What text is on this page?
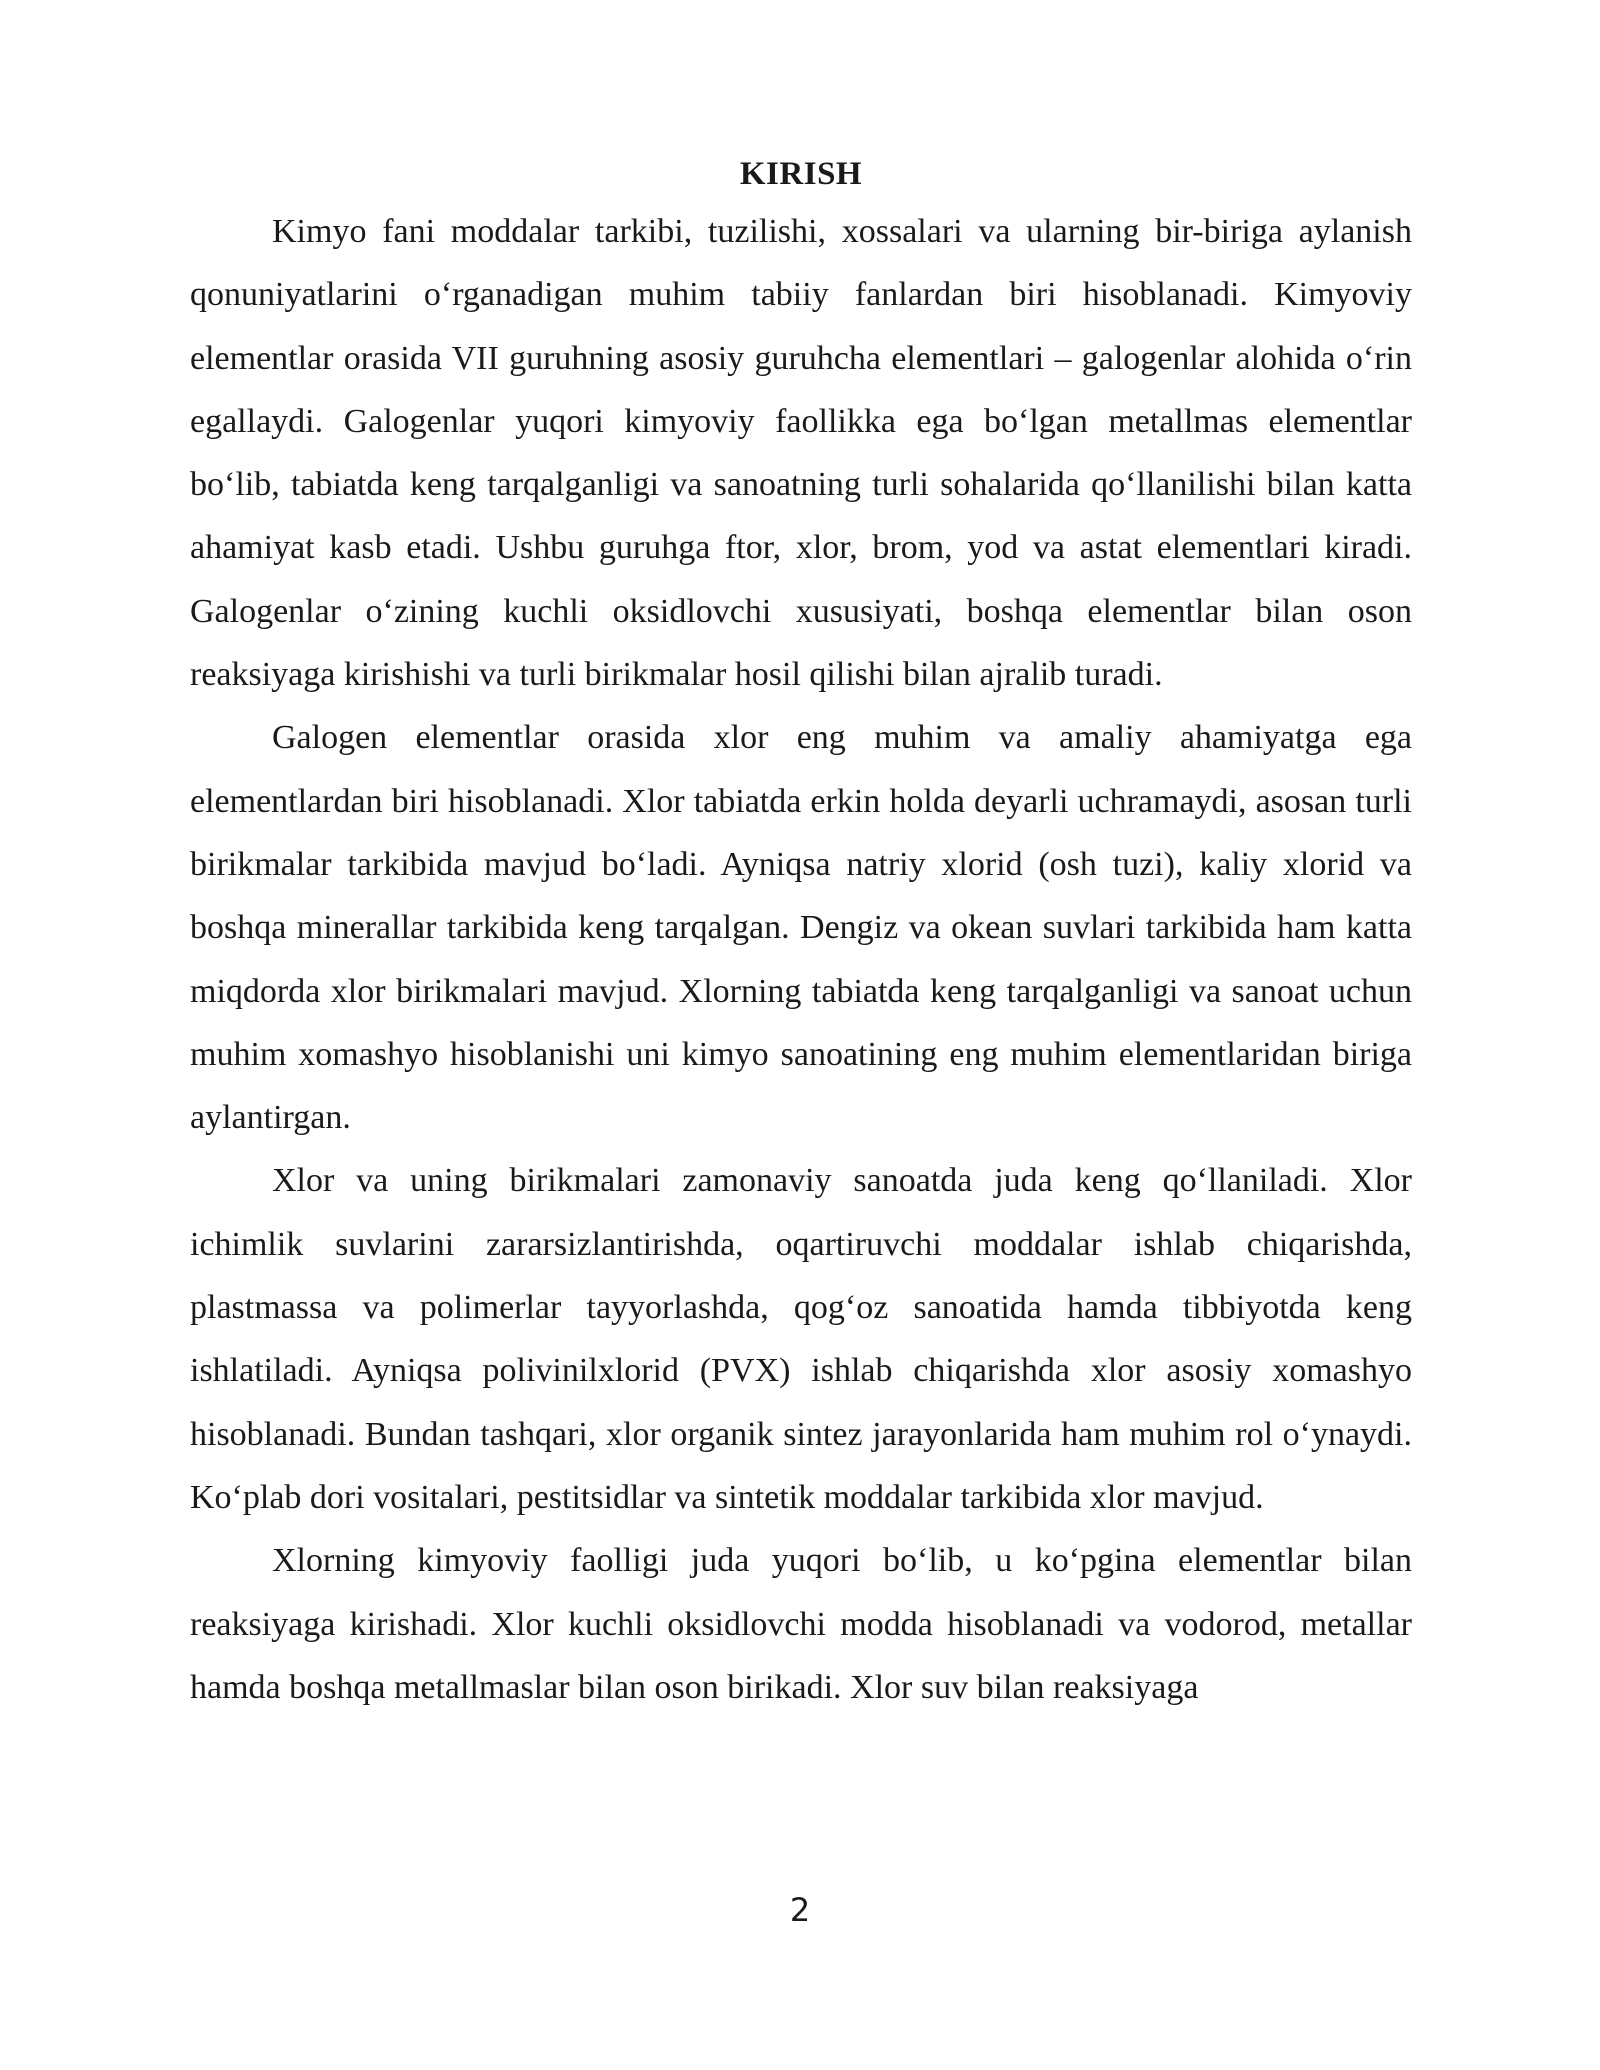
KIRISH

Kimyo fani moddalar tarkibi, tuzilishi, xossalari va ularning bir-biriga aylanish qonuniyatlarini o‘rganadigan muhim tabiiy fanlardan biri hisoblanadi. Kimyoviy elementlar orasida VII guruhning asosiy guruhcha elementlari – galogenlar alohida o‘rin egallaydi. Galogenlar yuqori kimyoviy faollikka ega bo‘lgan metallmas elementlar bo‘lib, tabiatda keng tarqalganligi va sanoatning turli sohalarida qo‘llanilishi bilan katta ahamiyat kasb etadi. Ushbu guruhga ftor, xlor, brom, yod va astat elementlari kiradi. Galogenlar o‘zining kuchli oksidlovchi xususiyati, boshqa elementlar bilan oson reaksiyaga kirishishi va turli birikmalar hosil qilishi bilan ajralib turadi.

Galogen elementlar orasida xlor eng muhim va amaliy ahamiyatga ega elementlardan biri hisoblanadi. Xlor tabiatda erkin holda deyarli uchramaydi, asosan turli birikmalar tarkibida mavjud bo‘ladi. Ayniqsa natriy xlorid (osh tuzi), kaliy xlorid va boshqa minerallar tarkibida keng tarqalgan. Dengiz va okean suvlari tarkibida ham katta miqdorda xlor birikmalari mavjud. Xlorning tabiatda keng tarqalganligi va sanoat uchun muhim xomashyo hisoblanishi uni kimyo sanoatining eng muhim elementlaridan biriga aylantirgan.

Xlor va uning birikmalari zamonaviy sanoatda juda keng qo‘llaniladi. Xlor ichimlik suvlarini zararsizlantirishda, oqartiruvchi moddalar ishlab chiqarishda, plastmassa va polimerlar tayyorlashda, qog‘oz sanoatida hamda tibbiyotda keng ishlatiladi. Ayniqsa polivinilxlorid (PVX) ishlab chiqarishda xlor asosiy xomashyo hisoblanadi. Bundan tashqari, xlor organik sintez jarayonlarida ham muhim rol o‘ynaydi. Ko‘plab dori vositalari, pestitsidlar va sintetik moddalar tarkibida xlor mavjud.

Xlorning kimyoviy faolligi juda yuqori bo‘lib, u ko‘pgina elementlar bilan reaksiyaga kirishadi. Xlor kuchli oksidlovchi modda hisoblanadi va vodorod, metallar hamda boshqa metallmaslar bilan oson birikadi. Xlor suv bilan reaksiyaga

2
